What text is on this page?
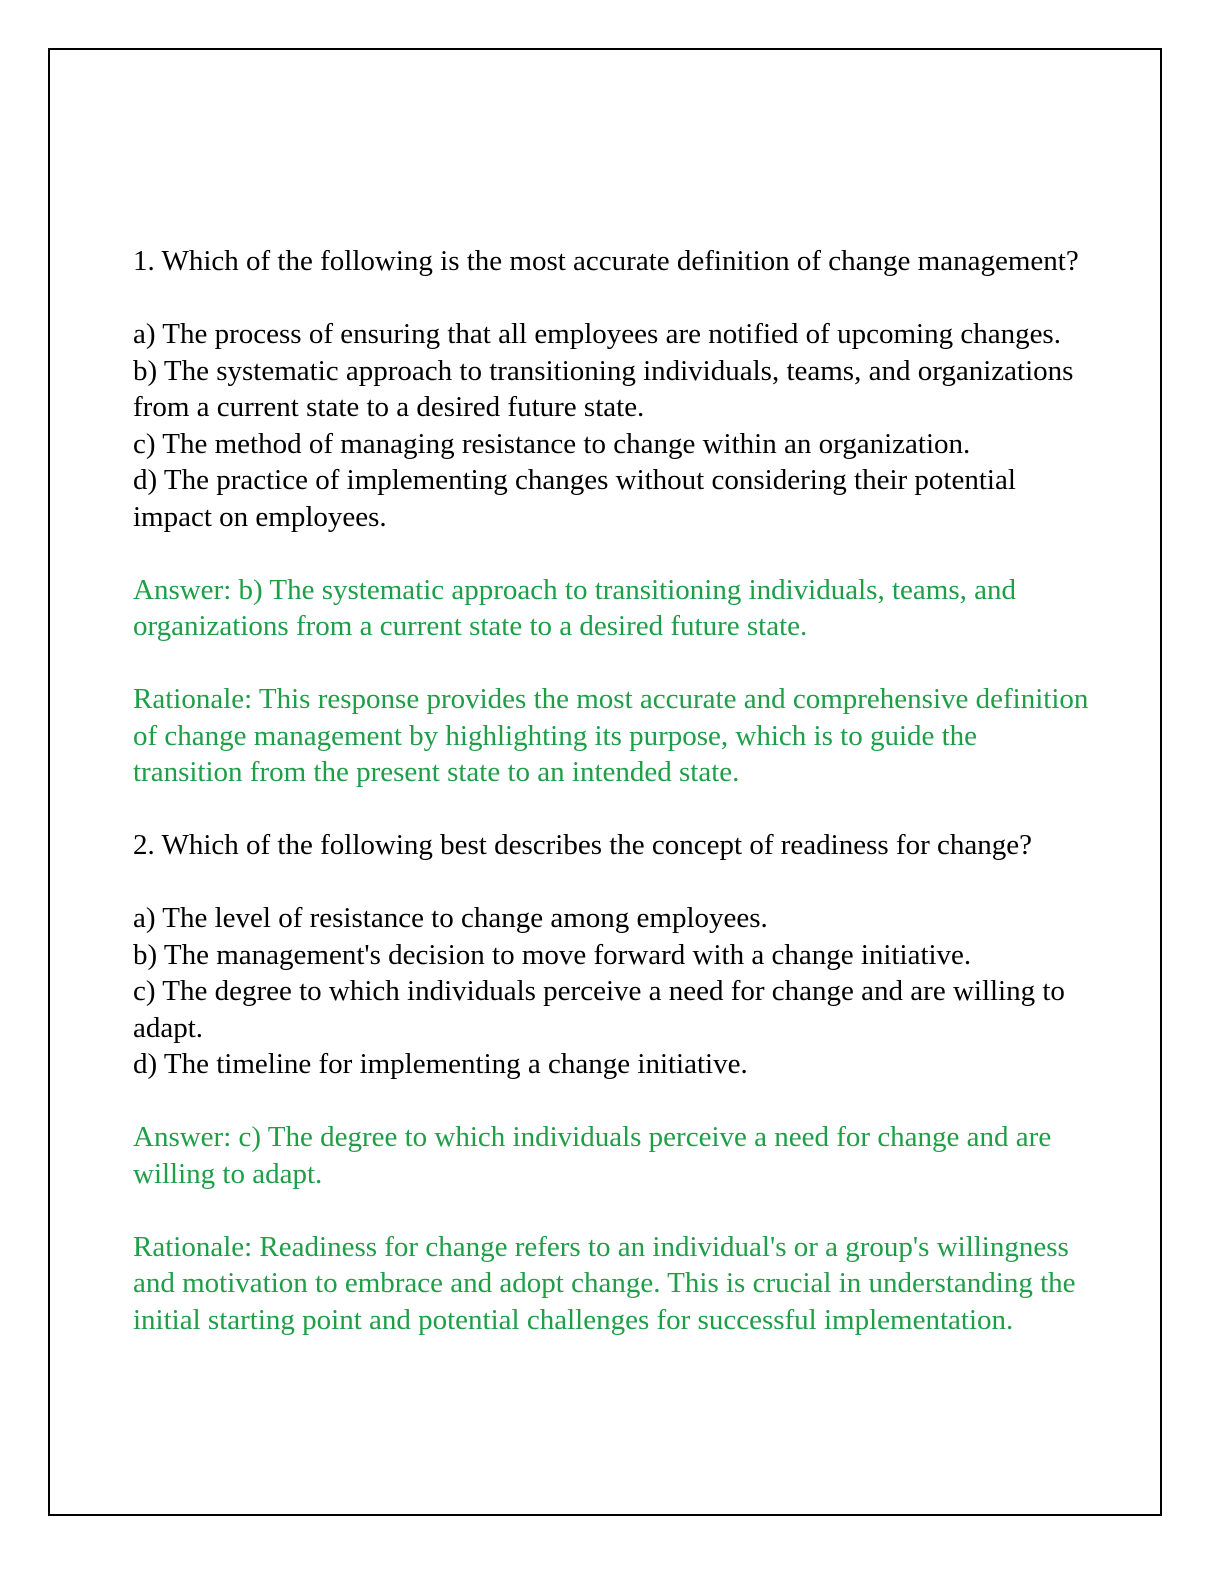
1. Which of the following is the most accurate definition of change management?

a) The process of ensuring that all employees are notified of upcoming changes.

b) The systematic approach to transitioning individuals, teams, and organizations from a current state to a desired future state.

c) The method of managing resistance to change within an organization.

d) The practice of implementing changes without considering their potential impact on employees.

Answer: b) The systematic approach to transitioning individuals, teams, and organizations from a current state to a desired future state.

Rationale: This response provides the most accurate and comprehensive definition of change management by highlighting its purpose, which is to guide the transition from the present state to an intended state.

2. Which of the following best describes the concept of readiness for change?

a) The level of resistance to change among employees.

b) The management's decision to move forward with a change initiative.

c) The degree to which individuals perceive a need for change and are willing to adapt.

d) The timeline for implementing a change initiative.

Answer: c) The degree to which individuals perceive a need for change and are willing to adapt.

Rationale: Readiness for change refers to an individual's or a group's willingness and motivation to embrace and adopt change. This is crucial in understanding the initial starting point and potential challenges for successful implementation.
